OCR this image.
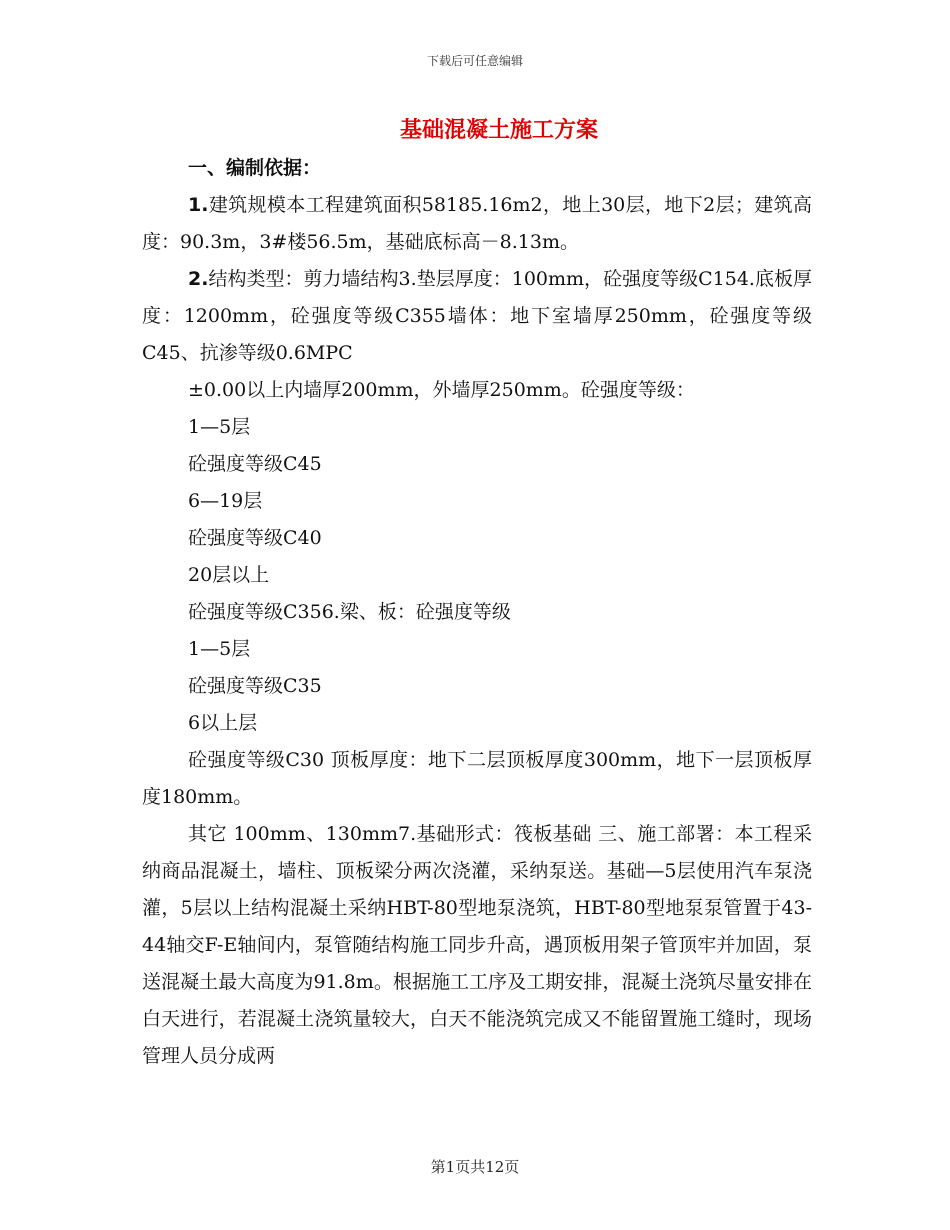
下载后可任意编辑
基础混凝土施工方案
一、编制依据：

1.建筑规模本工程建筑面积58185.16m2，地上30层，地下2层；建筑高度：90.3m，3#楼56.5m，基础底标高－8.13m。

2.结构类型：剪力墙结构3.垫层厚度：100mm，砼强度等级C154.底板厚度：1200mm，砼强度等级C355墙体：地下室墙厚250mm，砼强度等级C45、抗渗等级0.6MPC

±0.00以上内墙厚200mm，外墙厚250mm。砼强度等级：

1—5层

砼强度等级C45

6—19层

砼强度等级C40

20层以上

砼强度等级C356.梁、板：砼强度等级

1—5层

砼强度等级C35

6以上层

砼强度等级C30 顶板厚度：地下二层顶板厚度300mm，地下一层顶板厚度180mm。

其它 100mm、130mm7.基础形式：筏板基础 三、施工部署：本工程采纳商品混凝土，墙柱、顶板梁分两次浇灌，采纳泵送。基础—5层使用汽车泵浇灌，5层以上结构混凝土采纳HBT-80型地泵浇筑，HBT-80型地泵泵管置于43-44轴交F-E轴间内，泵管随结构施工同步升高，遇顶板用架子管顶牢并加固，泵送混凝土最大高度为91.8m。根据施工工序及工期安排，混凝土浇筑尽量安排在白天进行，若混凝土浇筑量较大，白天不能浇筑完成又不能留置施工缝时，现场管理人员分成两

第1页共12页
